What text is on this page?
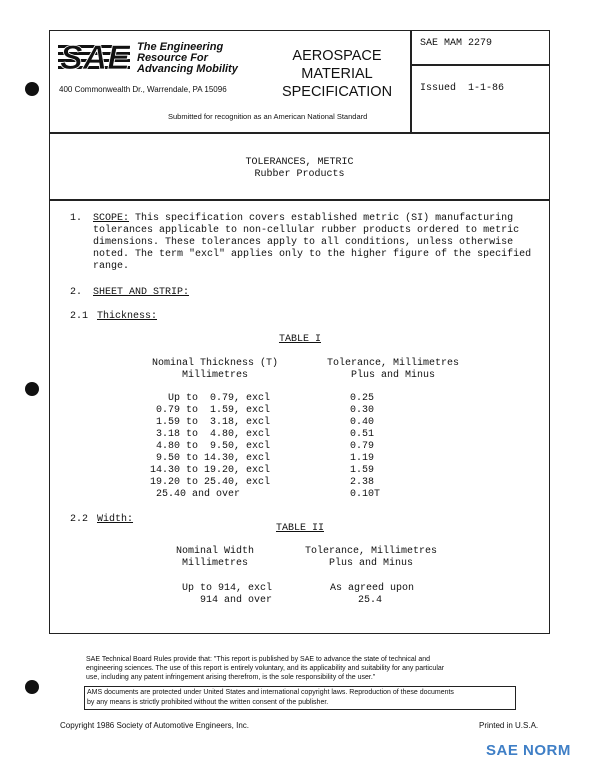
SAE The Engineering
Resource For
Advancing Mobility
400 Commonwealth Dr., Warrendale, PA 15096
AEROSPACE
MATERIAL
SPECIFICATION
Submitted for recognition as an American National Standard
SAE MAM 2279
Issued 1-1-86
TOLERANCES, METRIC
Rubber Products
1. SCOPE: This specification covers established metric (SI) manufacturing
tolerances applicable to non-cellular rubber products ordered to metric
dimensions. These tolerances apply to all conditions, unless otherwise
noted. The term "excl" applies only to the higher figure of the specified
range.
2. SHEET AND STRIP:
2.1 Thickness:
TABLE I
Nominal Thickness (T)
Millimetres
Tolerance, Millimetres
Plus and Minus
Up to  0.79, excl	0.25
0.79 to  1.59, excl	0.30
1.59 to  3.18, excl	0.40
3.18 to  4.80, excl	0.51
4.80 to  9.50, excl	0.79
9.50 to 14.30, excl	1.19
14.30 to 19.20, excl	1.59
19.20 to 25.40, excl	2.38
25.40 and over	0.10T
2.2 Width:
TABLE II
Nominal Width
Millimetres
Tolerance, Millimetres
Plus and Minus
Up to 914, excl	As agreed upon
914 and over	25.4
SAE Technical Board Rules provide that: "This report is published by SAE to advance the state of technical and
engineering sciences. The use of this report is entirely voluntary, and its applicability and suitability for any particular
use, including any patent infringement arising therefrom, is the sole responsibility of the user."
AMS documents are protected under United States and international copyright laws. Reproduction of these documents
by any means is strictly prohibited without the written consent of the publisher.
Copyright 1986 Society of Automotive Engineers, Inc.	Printed in U.S.A.
SAE NORM
